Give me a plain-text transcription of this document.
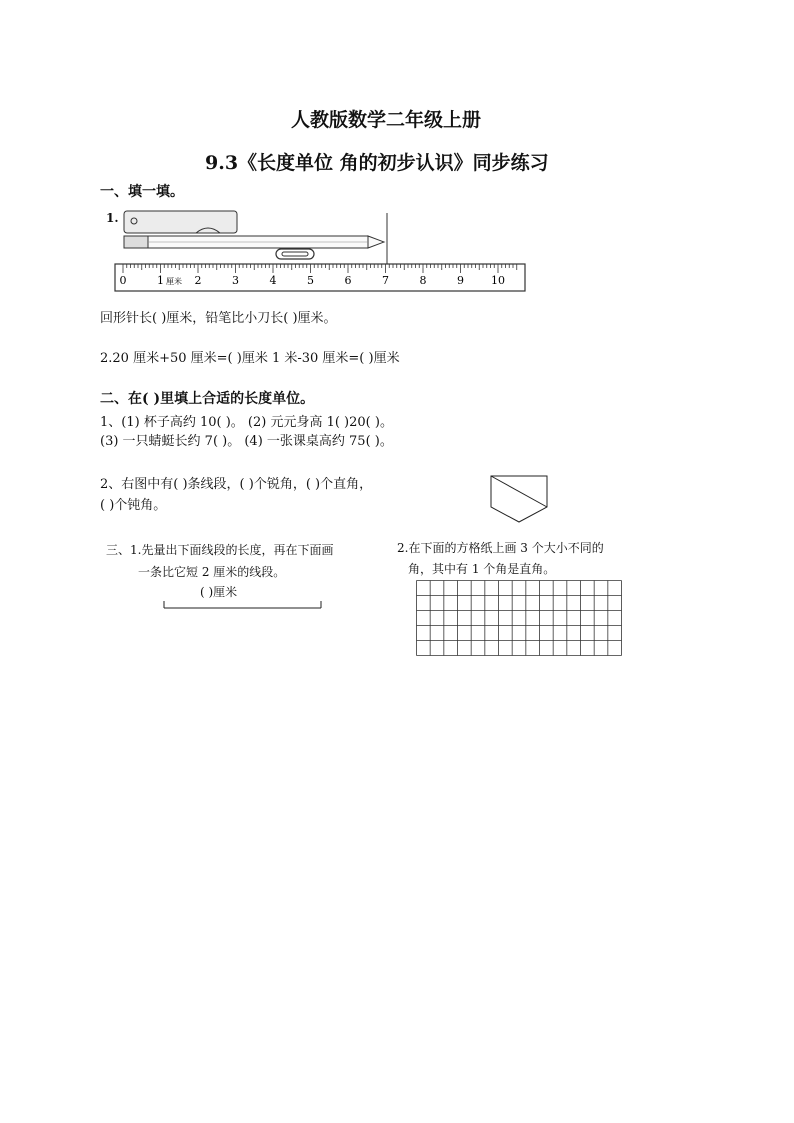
人教版数学二年级上册
9.3《长度单位 角的初步认识》同步练习
一、填一填。
1.
0	1 厘米 2	3	4	5	6	7	8	9 10
回形针长( )厘米，铅笔比小刀长( )厘米。
2.20 厘米+50 厘米=( )厘米 1 米-30 厘米=( )厘米
二、在( )里填上合适的长度单位。
1、(1) 杯子高约 10( )。 (2) 元元身高 1( )20( )。
(3) 一只蜻蜓长约 7( )。 (4) 一张课桌高约 75( )。
2、右图中有( )条线段，( )个锐角，( )个直角，
( )个钝角。
三、1.先量出下面线段的长度，再在下面画
一条比它短 2 厘米的线段。
( )厘米
2.在下面的方格纸上画 3 个大小不同的
角，其中有 1 个角是直角。
